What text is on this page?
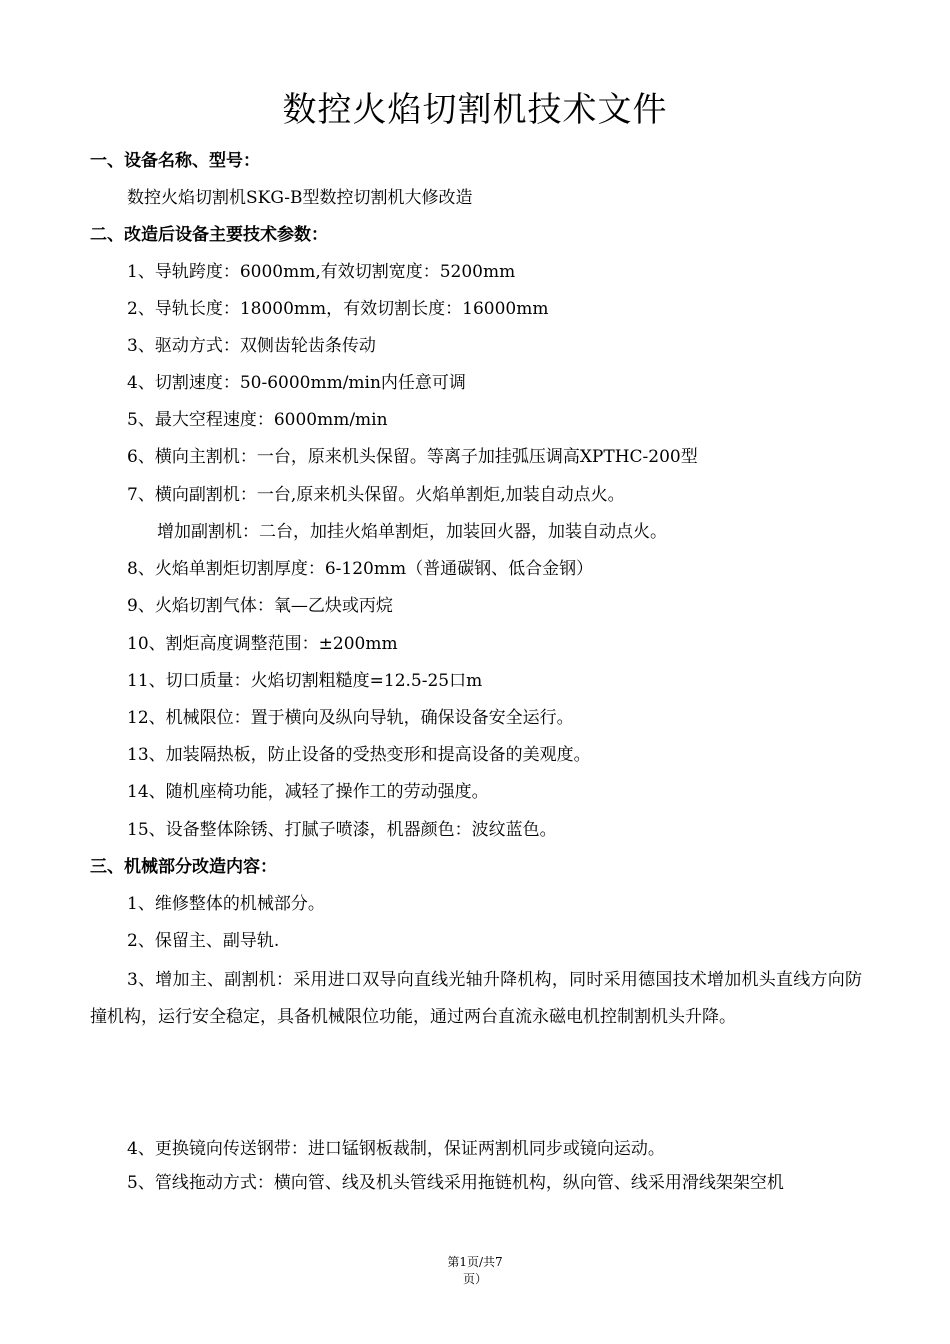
数控火焰切割机技术文件
一、设备名称、型号：
数控火焰切割机SKG-B型数控切割机大修改造
二、改造后设备主要技术参数：
1、导轨跨度：6000mm,有效切割宽度：5200mm
2、导轨长度：18000mm，有效切割长度：16000mm
3、驱动方式：双侧齿轮齿条传动
4、切割速度：50-6000mm/min内任意可调
5、最大空程速度：6000mm/min
6、横向主割机：一台，原来机头保留。等离子加挂弧压调高XPTHC-200型
7、横向副割机：一台,原来机头保留。火焰单割炬,加装自动点火。
增加副割机：二台，加挂火焰单割炬，加装回火器，加装自动点火。
8、火焰单割炬切割厚度：6-120mm（普通碳钢、低合金钢）
9、火焰切割气体：氧—乙炔或丙烷
10、割炬高度调整范围：±200mm
11、切口质量：火焰切割粗糙度=12.5-25口m
12、机械限位：置于横向及纵向导轨，确保设备安全运行。
13、加装隔热板，防止设备的受热变形和提高设备的美观度。
14、随机座椅功能，减轻了操作工的劳动强度。
15、设备整体除锈、打腻子喷漆，机器颜色：波纹蓝色。
三、机械部分改造内容：
1、维修整体的机械部分。
2、保留主、副导轨.
3、增加主、副割机：采用进口双导向直线光轴升降机构，同时采用德国技术增加机头直线方向防撞机构，运行安全稳定，具备机械限位功能，通过两台直流永磁电机控制割机头升降。
4、更换镜向传送钢带：进口锰钢板裁制，保证两割机同步或镜向运动。
5、管线拖动方式：横向管、线及机头管线采用拖链机构，纵向管、线采用滑线架架空机
第1页/共7
页）
